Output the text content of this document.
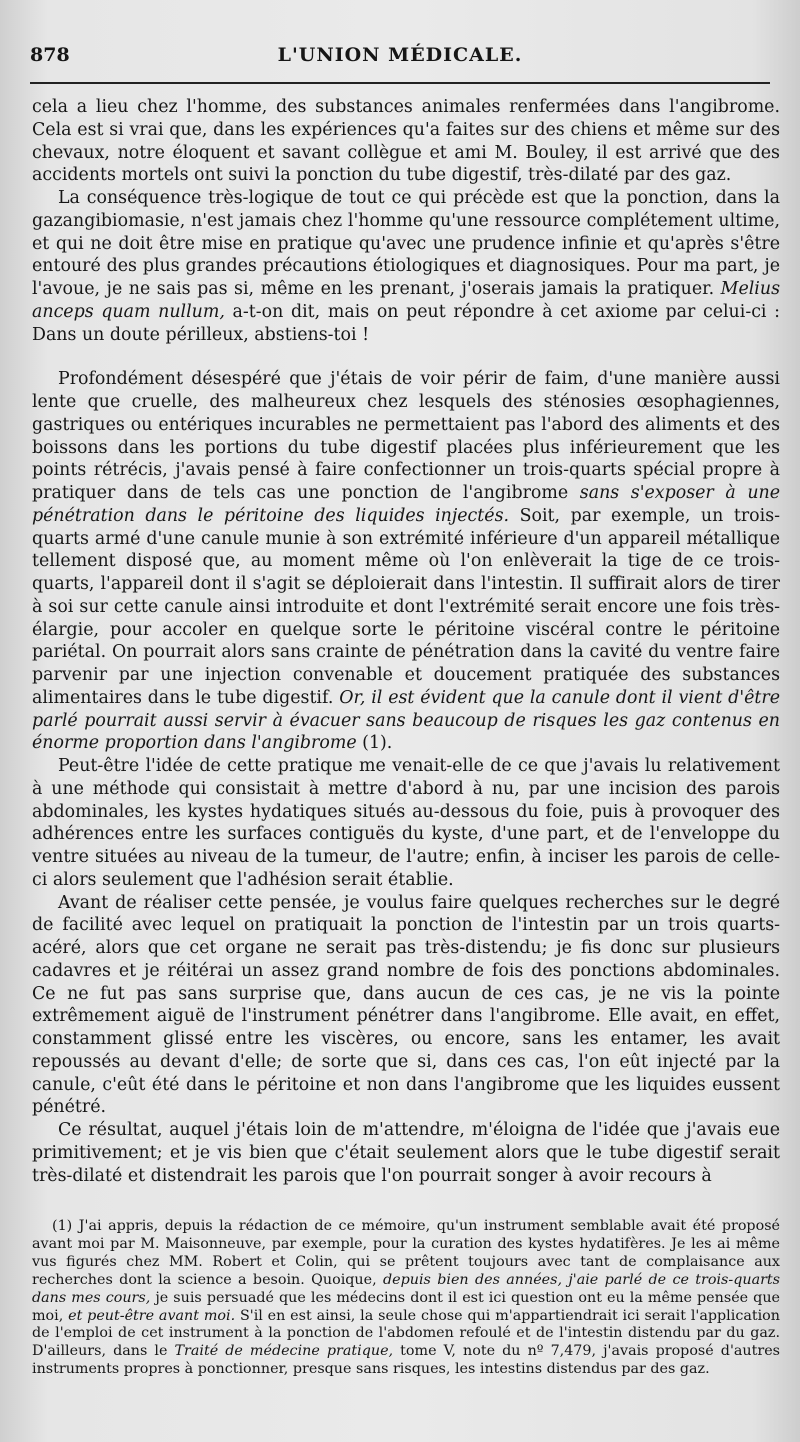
878	L'UNION MÉDICALE.

cela a lieu chez l'homme, des substances animales renfermées dans l'angibrome. Cela est si vrai que, dans les expériences qu'a faites sur des chiens et même sur des chevaux, notre éloquent et savant collègue et ami M. Bouley, il est arrivé que des accidents mortels ont suivi la ponction du tube digestif, très-dilaté par des gaz.

La conséquence très-logique de tout ce qui précède est que la ponction, dans la gazangibiomasie, n'est jamais chez l'homme qu'une ressource complétement ultime, et qui ne doit être mise en pratique qu'avec une prudence infinie et qu'après s'être entouré des plus grandes précautions étiologiques et diagnosiques. Pour ma part, je l'avoue, je ne sais pas si, même en les prenant, j'oserais jamais la pratiquer. Melius anceps quam nullum, a-t-on dit, mais on peut répondre à cet axiome par celui-ci : Dans un doute périlleux, abstiens-toi !

Profondément désespéré que j'étais de voir périr de faim, d'une manière aussi lente que cruelle, des malheureux chez lesquels des sténosies œsophagiennes, gastriques ou entériques incurables ne permettaient pas l'abord des aliments et des boissons dans les portions du tube digestif placées plus inférieurement que les points rétrécis, j'avais pensé à faire confectionner un trois-quarts spécial propre à pratiquer dans de tels cas une ponction de l'angibrome sans s'exposer à une pénétration dans le péritoine des liquides injectés. Soit, par exemple, un trois-quarts armé d'une canule munie à son extrémité inférieure d'un appareil métallique tellement disposé que, au moment même où l'on enlèverait la tige de ce trois-quarts, l'appareil dont il s'agit se déploierait dans l'intestin. Il suffirait alors de tirer à soi sur cette canule ainsi introduite et dont l'extrémité serait encore une fois très-élargie, pour accoler en quelque sorte le péritoine viscéral contre le péritoine pariétal. On pourrait alors sans crainte de pénétration dans la cavité du ventre faire parvenir par une injection convenable et doucement pratiquée des substances alimentaires dans le tube digestif. Or, il est évident que la canule dont il vient d'être parlé pourrait aussi servir à évacuer sans beaucoup de risques les gaz contenus en énorme proportion dans l'angibrome (1).

Peut-être l'idée de cette pratique me venait-elle de ce que j'avais lu relativement à une méthode qui consistait à mettre d'abord à nu, par une incision des parois abdominales, les kystes hydatiques situés au-dessous du foie, puis à provoquer des adhérences entre les surfaces contiguës du kyste, d'une part, et de l'enveloppe du ventre situées au niveau de la tumeur, de l'autre; enfin, à inciser les parois de celle-ci alors seulement que l'adhésion serait établie.

Avant de réaliser cette pensée, je voulus faire quelques recherches sur le degré de facilité avec lequel on pratiquait la ponction de l'intestin par un trois quarts-acéré, alors que cet organe ne serait pas très-distendu; je fis donc sur plusieurs cadavres et je réitérai un assez grand nombre de fois des ponctions abdominales. Ce ne fut pas sans surprise que, dans aucun de ces cas, je ne vis la pointe extrêmement aiguë de l'instrument pénétrer dans l'angibrome. Elle avait, en effet, constamment glissé entre les viscères, ou encore, sans les entamer, les avait repoussés au devant d'elle; de sorte que si, dans ces cas, l'on eût injecté par la canule, c'eût été dans le péritoine et non dans l'angibrome que les liquides eussent pénétré.

Ce résultat, auquel j'étais loin de m'attendre, m'éloigna de l'idée que j'avais eue primitivement; et je vis bien que c'était seulement alors que le tube digestif serait très-dilaté et distendrait les parois que l'on pourrait songer à avoir recours à

(1) J'ai appris, depuis la rédaction de ce mémoire, qu'un instrument semblable avait été proposé avant moi par M. Maisonneuve, par exemple, pour la curation des kystes hydatifères. Je les ai même vus figurés chez MM. Robert et Colin, qui se prêtent toujours avec tant de complaisance aux recherches dont la science a besoin. Quoique, depuis bien des années, j'aie parlé de ce trois-quarts dans mes cours, je suis persuadé que les médecins dont il est ici question ont eu la même pensée que moi, et peut-être avant moi. S'il en est ainsi, la seule chose qui m'appartiendrait ici serait l'application de l'emploi de cet instrument à la ponction de l'abdomen refoulé et de l'intestin distendu par du gaz. D'ailleurs, dans le Traité de médecine pratique, tome V, note du nº 7,479, j'avais proposé d'autres instruments propres à ponctionner, presque sans risques, les intestins distendus par des gaz.
